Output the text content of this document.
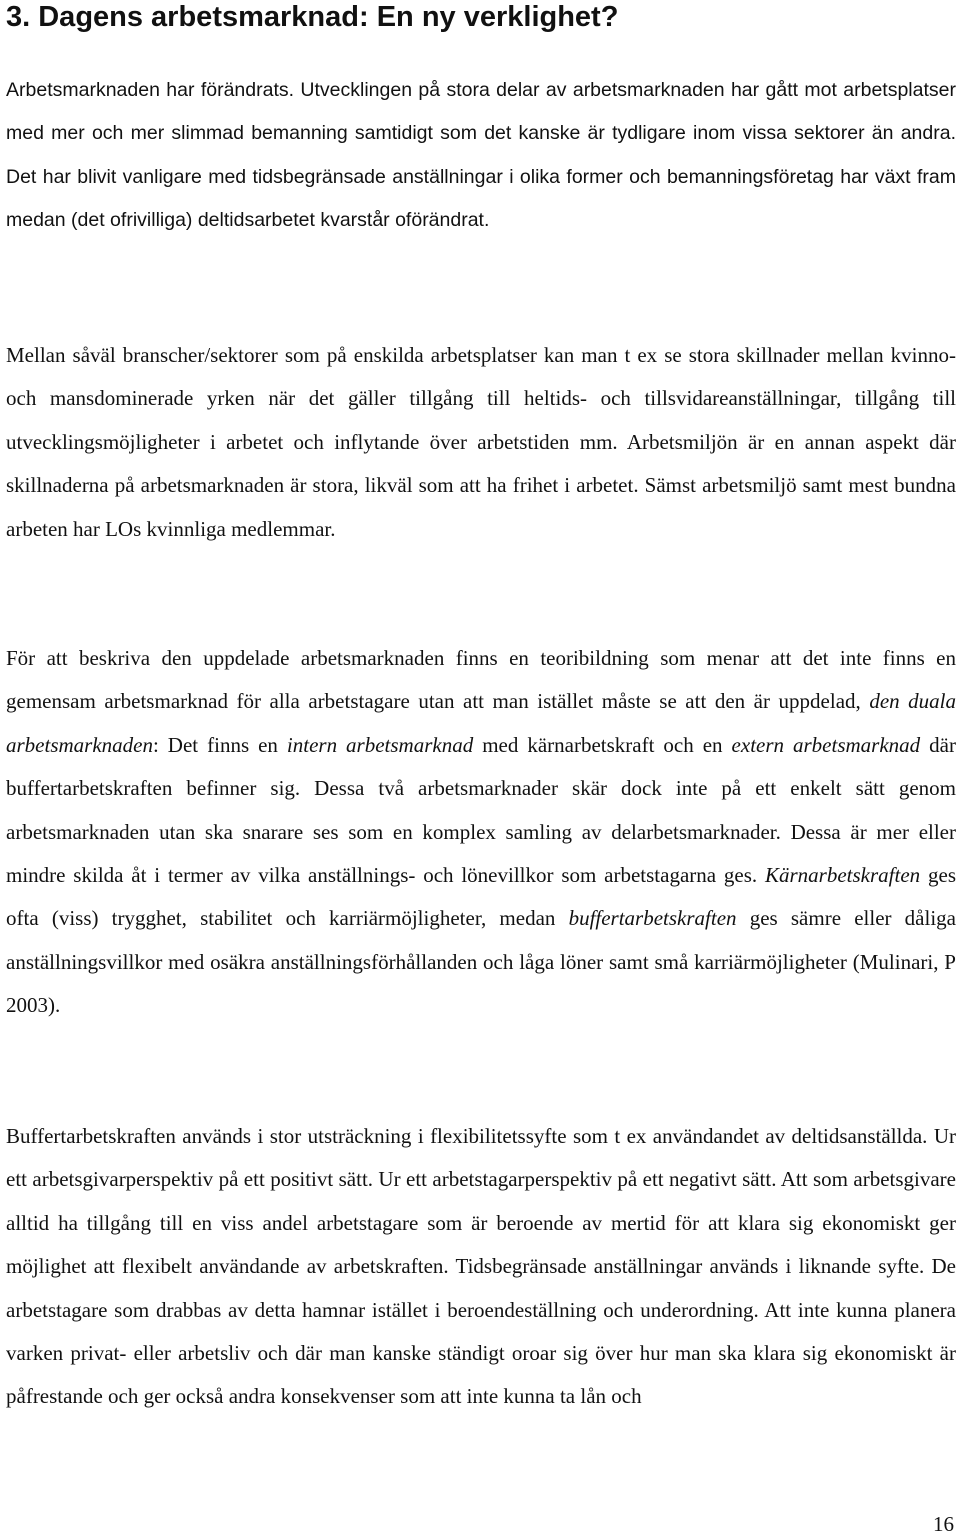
3. Dagens arbetsmarknad: En ny verklighet?

Arbetsmarknaden har förändrats. Utvecklingen på stora delar av arbetsmarknaden har gått mot arbetsplatser med mer och mer slimmad bemanning samtidigt som det kanske är tydligare inom vissa sektorer än andra. Det har blivit vanligare med tidsbegränsade anställningar i olika former och bemanningsföretag har växt fram medan (det ofrivilliga) deltidsarbetet kvarstår oförändrat.

Mellan såväl branscher/sektorer som på enskilda arbetsplatser kan man t ex se stora skillnader mellan kvinno- och mansdominerade yrken när det gäller tillgång till heltids- och tillsvidareanställningar, tillgång till utvecklingsmöjligheter i arbetet och inflytande över arbetstiden mm. Arbetsmiljön är en annan aspekt där skillnaderna på arbetsmarknaden är stora, likväl som att ha frihet i arbetet. Sämst arbetsmiljö samt mest bundna arbeten har LOs kvinnliga medlemmar.

För att beskriva den uppdelade arbetsmarknaden finns en teoribildning som menar att det inte finns en gemensam arbetsmarknad för alla arbetstagare utan att man istället måste se att den är uppdelad, den duala arbetsmarknaden: Det finns en intern arbetsmarknad med kärnarbetskraft och en extern arbetsmarknad där buffertarbetskraften befinner sig. Dessa två arbetsmarknader skär dock inte på ett enkelt sätt genom arbetsmarknaden utan ska snarare ses som en komplex samling av delarbetsmarknader. Dessa är mer eller mindre skilda åt i termer av vilka anställnings- och lönevillkor som arbetstagarna ges. Kärnarbetskraften ges ofta (viss) trygghet, stabilitet och karriärmöjligheter, medan buffertarbetskraften ges sämre eller dåliga anställningsvillkor med osäkra anställningsförhållanden och låga löner samt små karriärmöjligheter (Mulinari, P 2003).

Buffertarbetskraften används i stor utsträckning i flexibilitetssyfte som t ex användandet av deltidsanställda. Ur ett arbetsgivarperspektiv på ett positivt sätt. Ur ett arbetstagarperspektiv på ett negativt sätt. Att som arbetsgivare alltid ha tillgång till en viss andel arbetstagare som är beroende av mertid för att klara sig ekonomiskt ger möjlighet att flexibelt användande av arbetskraften. Tidsbegränsade anställningar används i liknande syfte. De arbetstagare som drabbas av detta hamnar istället i beroendeställning och underordning. Att inte kunna planera varken privat- eller arbetsliv och där man kanske ständigt oroar sig över hur man ska klara sig ekonomiskt är påfrestande och ger också andra konsekvenser som att inte kunna ta lån och

16
